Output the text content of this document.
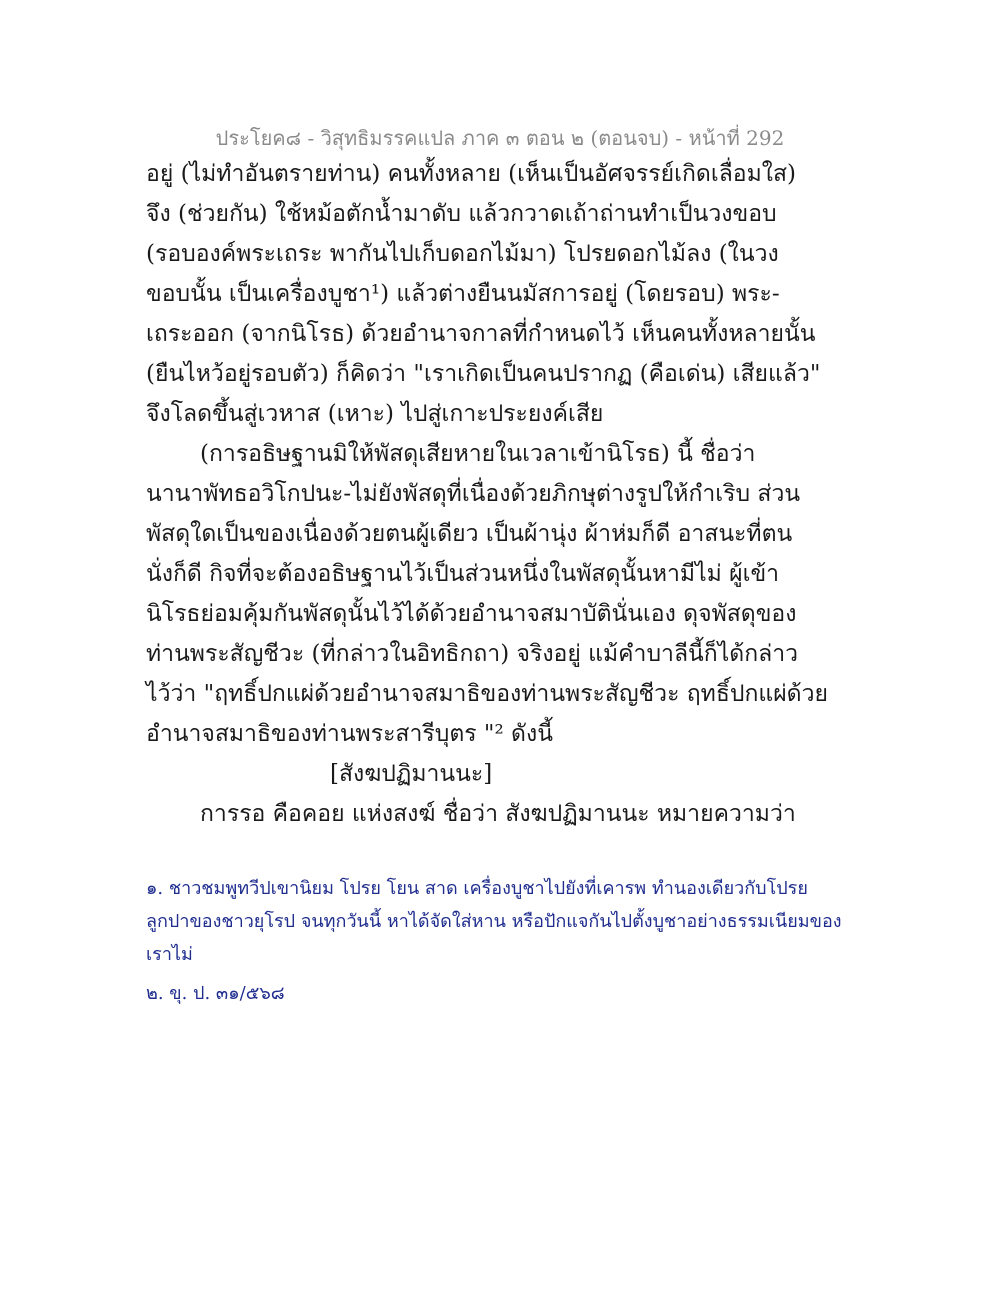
ประโยค๘ - วิสุทธิมรรคแปล ภาค ๓ ตอน ๒ (ตอนจบ) - หน้าที่ 292
อยู่ (ไม่ทำอันตรายท่าน) คนทั้งหลาย (เห็นเป็นอัศจรรย์เกิดเลื่อมใส)
จึง (ช่วยกัน) ใช้หม้อตักน้ำมาดับ แล้วกวาดเถ้าถ่านทำเป็นวงขอบ
(รอบองค์พระเถระ พากันไปเก็บดอกไม้มา) โปรยดอกไม้ลง (ในวง
ขอบนั้น เป็นเครื่องบูชา¹) แล้วต่างยืนนมัสการอยู่ (โดยรอบ) พระ-
เถระออก (จากนิโรธ) ด้วยอำนาจกาลที่กำหนดไว้ เห็นคนทั้งหลายนั้น
(ยืนไหว้อยู่รอบตัว) ก็คิดว่า "เราเกิดเป็นคนปรากฏ (คือเด่น) เสียแล้ว"
จึงโลดขึ้นสู่เวหาส (เหาะ) ไปสู่เกาะประยงค์เสีย
(การอธิษฐานมิให้พัสดุเสียหายในเวลาเข้านิโรธ) นี้ ชื่อว่า
นานาพัทธอวิโกปนะ-ไม่ยังพัสดุที่เนื่องด้วยภิกษุต่างรูปให้กำเริบ ส่วน
พัสดุใดเป็นของเนื่องด้วยตนผู้เดียว เป็นผ้านุ่ง ผ้าห่มก็ดี อาสนะที่ตน
นั่งก็ดี กิจที่จะต้องอธิษฐานไว้เป็นส่วนหนึ่งในพัสดุนั้นหามีไม่ ผู้เข้า
นิโรธย่อมคุ้มกันพัสดุนั้นไว้ได้ด้วยอำนาจสมาบัตินั่นเอง ดุจพัสดุของ
ท่านพระสัญชีวะ (ที่กล่าวในอิทธิกถา) จริงอยู่ แม้คำบาลีนี้ก็ได้กล่าว
ไว้ว่า "ฤทธิ์ปกแผ่ด้วยอำนาจสมาธิของท่านพระสัญชีวะ ฤทธิ์ปกแผ่ด้วย
อำนาจสมาธิของท่านพระสารีบุตร "² ดังนี้
[สังฆปฏิมานนะ]
การรอ คือคอย แห่งสงฆ์ ชื่อว่า สังฆปฏิมานนะ หมายความว่า
๑. ชาวชมพูทวีปเขานิยม โปรย โยน สาด เครื่องบูชาไปยังที่เคารพ ทำนองเดียวกับโปรย
ลูกปาของชาวยุโรป จนทุกวันนี้ หาได้จัดใส่หาน หรือปักแจกันไปตั้งบูชาอย่างธรรมเนียมของ
เราไม่
๒. ขุ. ป. ๓๑/๕๖๘
